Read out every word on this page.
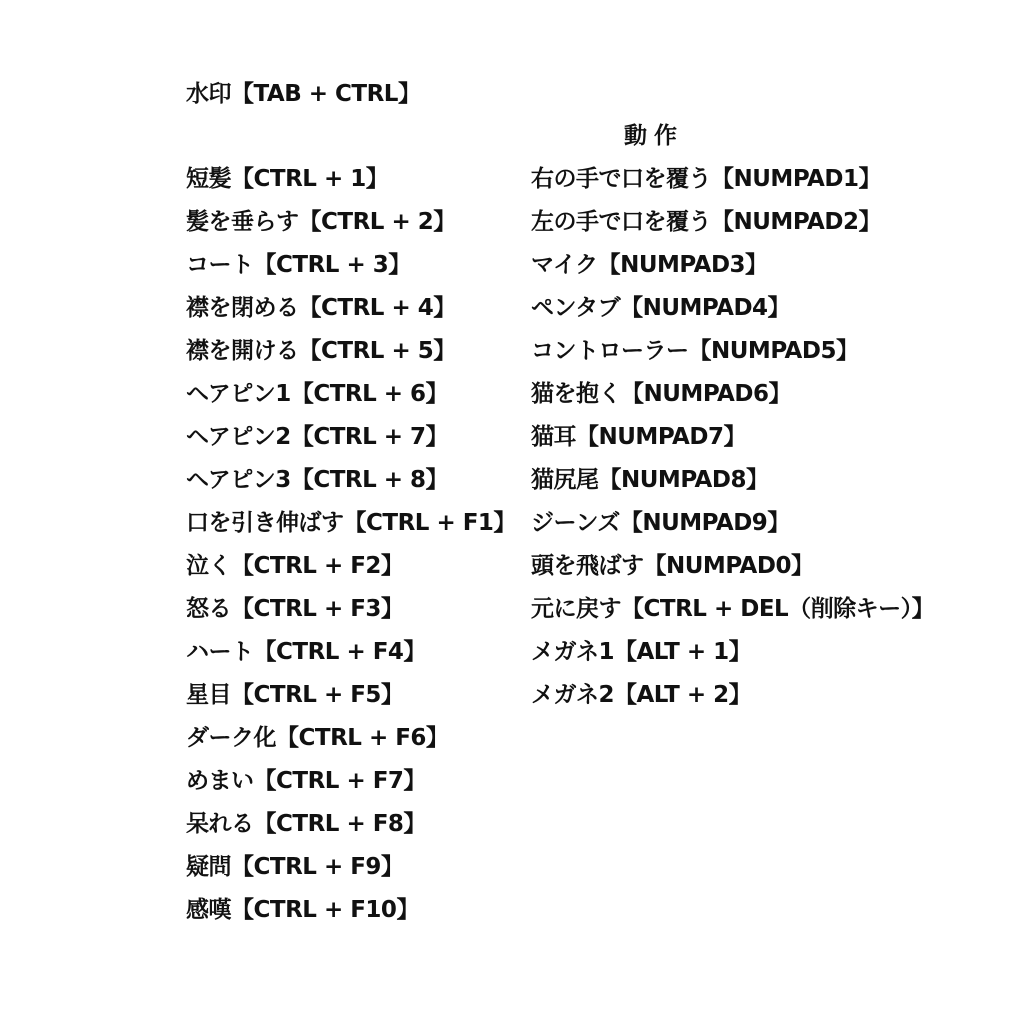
水印【TAB + CTRL】
動 作
短髪【CTRL + 1】
髪を垂らす【CTRL + 2】
コート【CTRL + 3】
襟を閉める【CTRL + 4】
襟を開ける【CTRL + 5】
ヘアピン1【CTRL + 6】
ヘアピン2【CTRL + 7】
ヘアピン3【CTRL + 8】
口を引き伸ばす【CTRL + F1】
泣く【CTRL + F2】
怒る【CTRL + F3】
ハート【CTRL + F4】
星目【CTRL + F5】
ダーク化【CTRL + F6】
めまい【CTRL + F7】
呆れる【CTRL + F8】
疑問【CTRL + F9】
感嘆【CTRL + F10】
右の手で口を覆う【NUMPAD1】
左の手で口を覆う【NUMPAD2】
マイク【NUMPAD3】
ペンタブ【NUMPAD4】
コントローラー【NUMPAD5】
猫を抱く【NUMPAD6】
猫耳【NUMPAD7】
猫尻尾【NUMPAD8】
ジーンズ【NUMPAD9】
頭を飛ばす【NUMPAD0】
元に戻す【CTRL + DEL（削除キー）】
メガネ1【ALT + 1】
メガネ2【ALT + 2】
